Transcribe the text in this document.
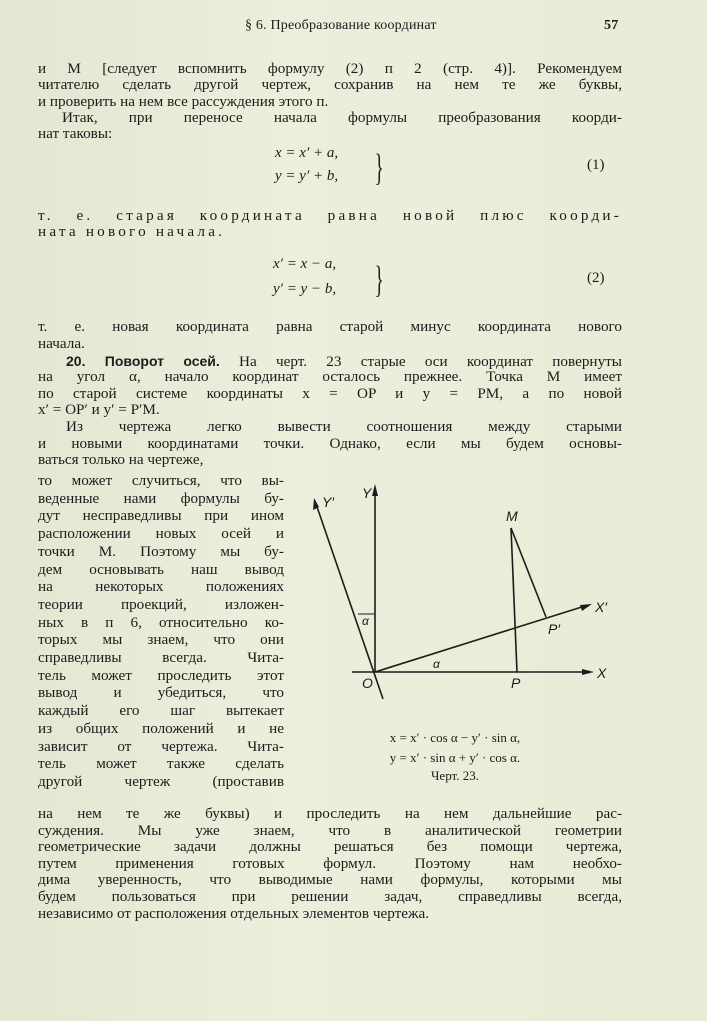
§ 6. Преобразование координат	57
и M [следует вспомнить формулу (2) п 2 (стр. 4)]. Рекомендуем
читателю сделать другой чертеж, сохранив на нем те же буквы,
и проверить на нем все рассуждения этого п.
Итак, при переносе начала формулы преобразования коорди-
нат таковы:
x = x′ + a,
y = y′ + b, }	(1)
т. е. старая координата равна новой плюс коорди-
ната нового начала.
x′ = x − a,
y′ = y − b, }	(2)
т. е. новая координата равна старой минус координата нового
начала.
20. Поворот осей. На черт. 23 старые оси координат повернуты
на угол α, начало координат осталось прежнее. Точка M имеет
по старой системе координаты x = OP и y = PM, а по новой
x′ = OP′ и y′ = P′M.
Из чертежа легко вывести соотношения между старыми
и новыми координатами точки. Однако, если мы будем основы-
ваться только на чертеже,
то может случиться, что вы-
веденные нами формулы бу-
дут несправедливы при ином
расположении новых осей и
точки M. Поэтому мы бу-
дем основывать наш вывод
на некоторых положениях
теории проекций, изложен-
ных в п 6, относительно ко-
торых мы знаем, что они
справедливы всегда. Чита-
тель может проследить этот
вывод и убедиться, что
каждый его шаг вытекает
из общих положений и не
зависит от чертежа. Чита-
тель может также сделать
другой чертеж (проставив
на нем те же буквы) и проследить на нем дальнейшие рас-
суждения. Мы уже знаем, что в аналитической геометрии
геометрические задачи должны решаться без помощи чертежа,
путем применения готовых формул. Поэтому нам необхо-
дима уверенность, что выводимые нами формулы, которыми мы
будем пользоваться при решении задач, справедливы всегда,
независимо от расположения отдельных элементов чертежа.
Y
Y′
X
X′
M
P
P′
O
α
α
x = x′ · cos α − y′ · sin α,
y = x′ · sin α + y′ · cos α.
Черт. 23.
